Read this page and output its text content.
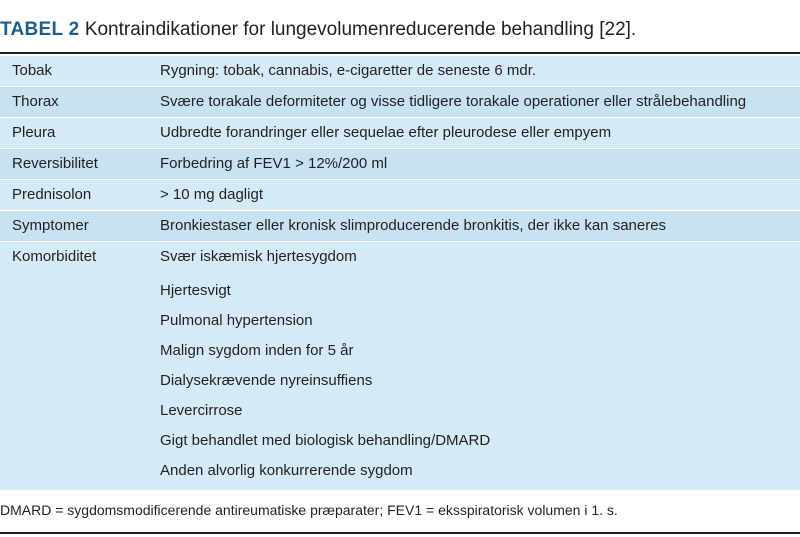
TABEL 2 Kontraindikationer for lungevolumenreducerende behandling [22].
Tobak	Rygning: tobak, cannabis, e-cigaretter de seneste 6 mdr.
Thorax	Svære torakale deformiteter og visse tidligere torakale operationer eller strålebehandling
Pleura	Udbredte forandringer eller sequelae efter pleurodese eller empyem
Reversibilitet	Forbedring af FEV1 > 12%/200 ml
Prednisolon	> 10 mg dagligt
Symptomer	Bronkiestaser eller kronisk slimproducerende bronkitis, der ikke kan saneres
Komorbiditet	Svær iskæmisk hjertesygdom
Hjertesvigt
Pulmonal hypertension
Malign sygdom inden for 5 år
Dialysekrævende nyreinsuffiens
Levercirrose
Gigt behandlet med biologisk behandling/DMARD
Anden alvorlig konkurrerende sygdom
DMARD = sygdomsmodificerende antireumatiske præparater; FEV1 = eksspiratorisk volumen i 1. s.
